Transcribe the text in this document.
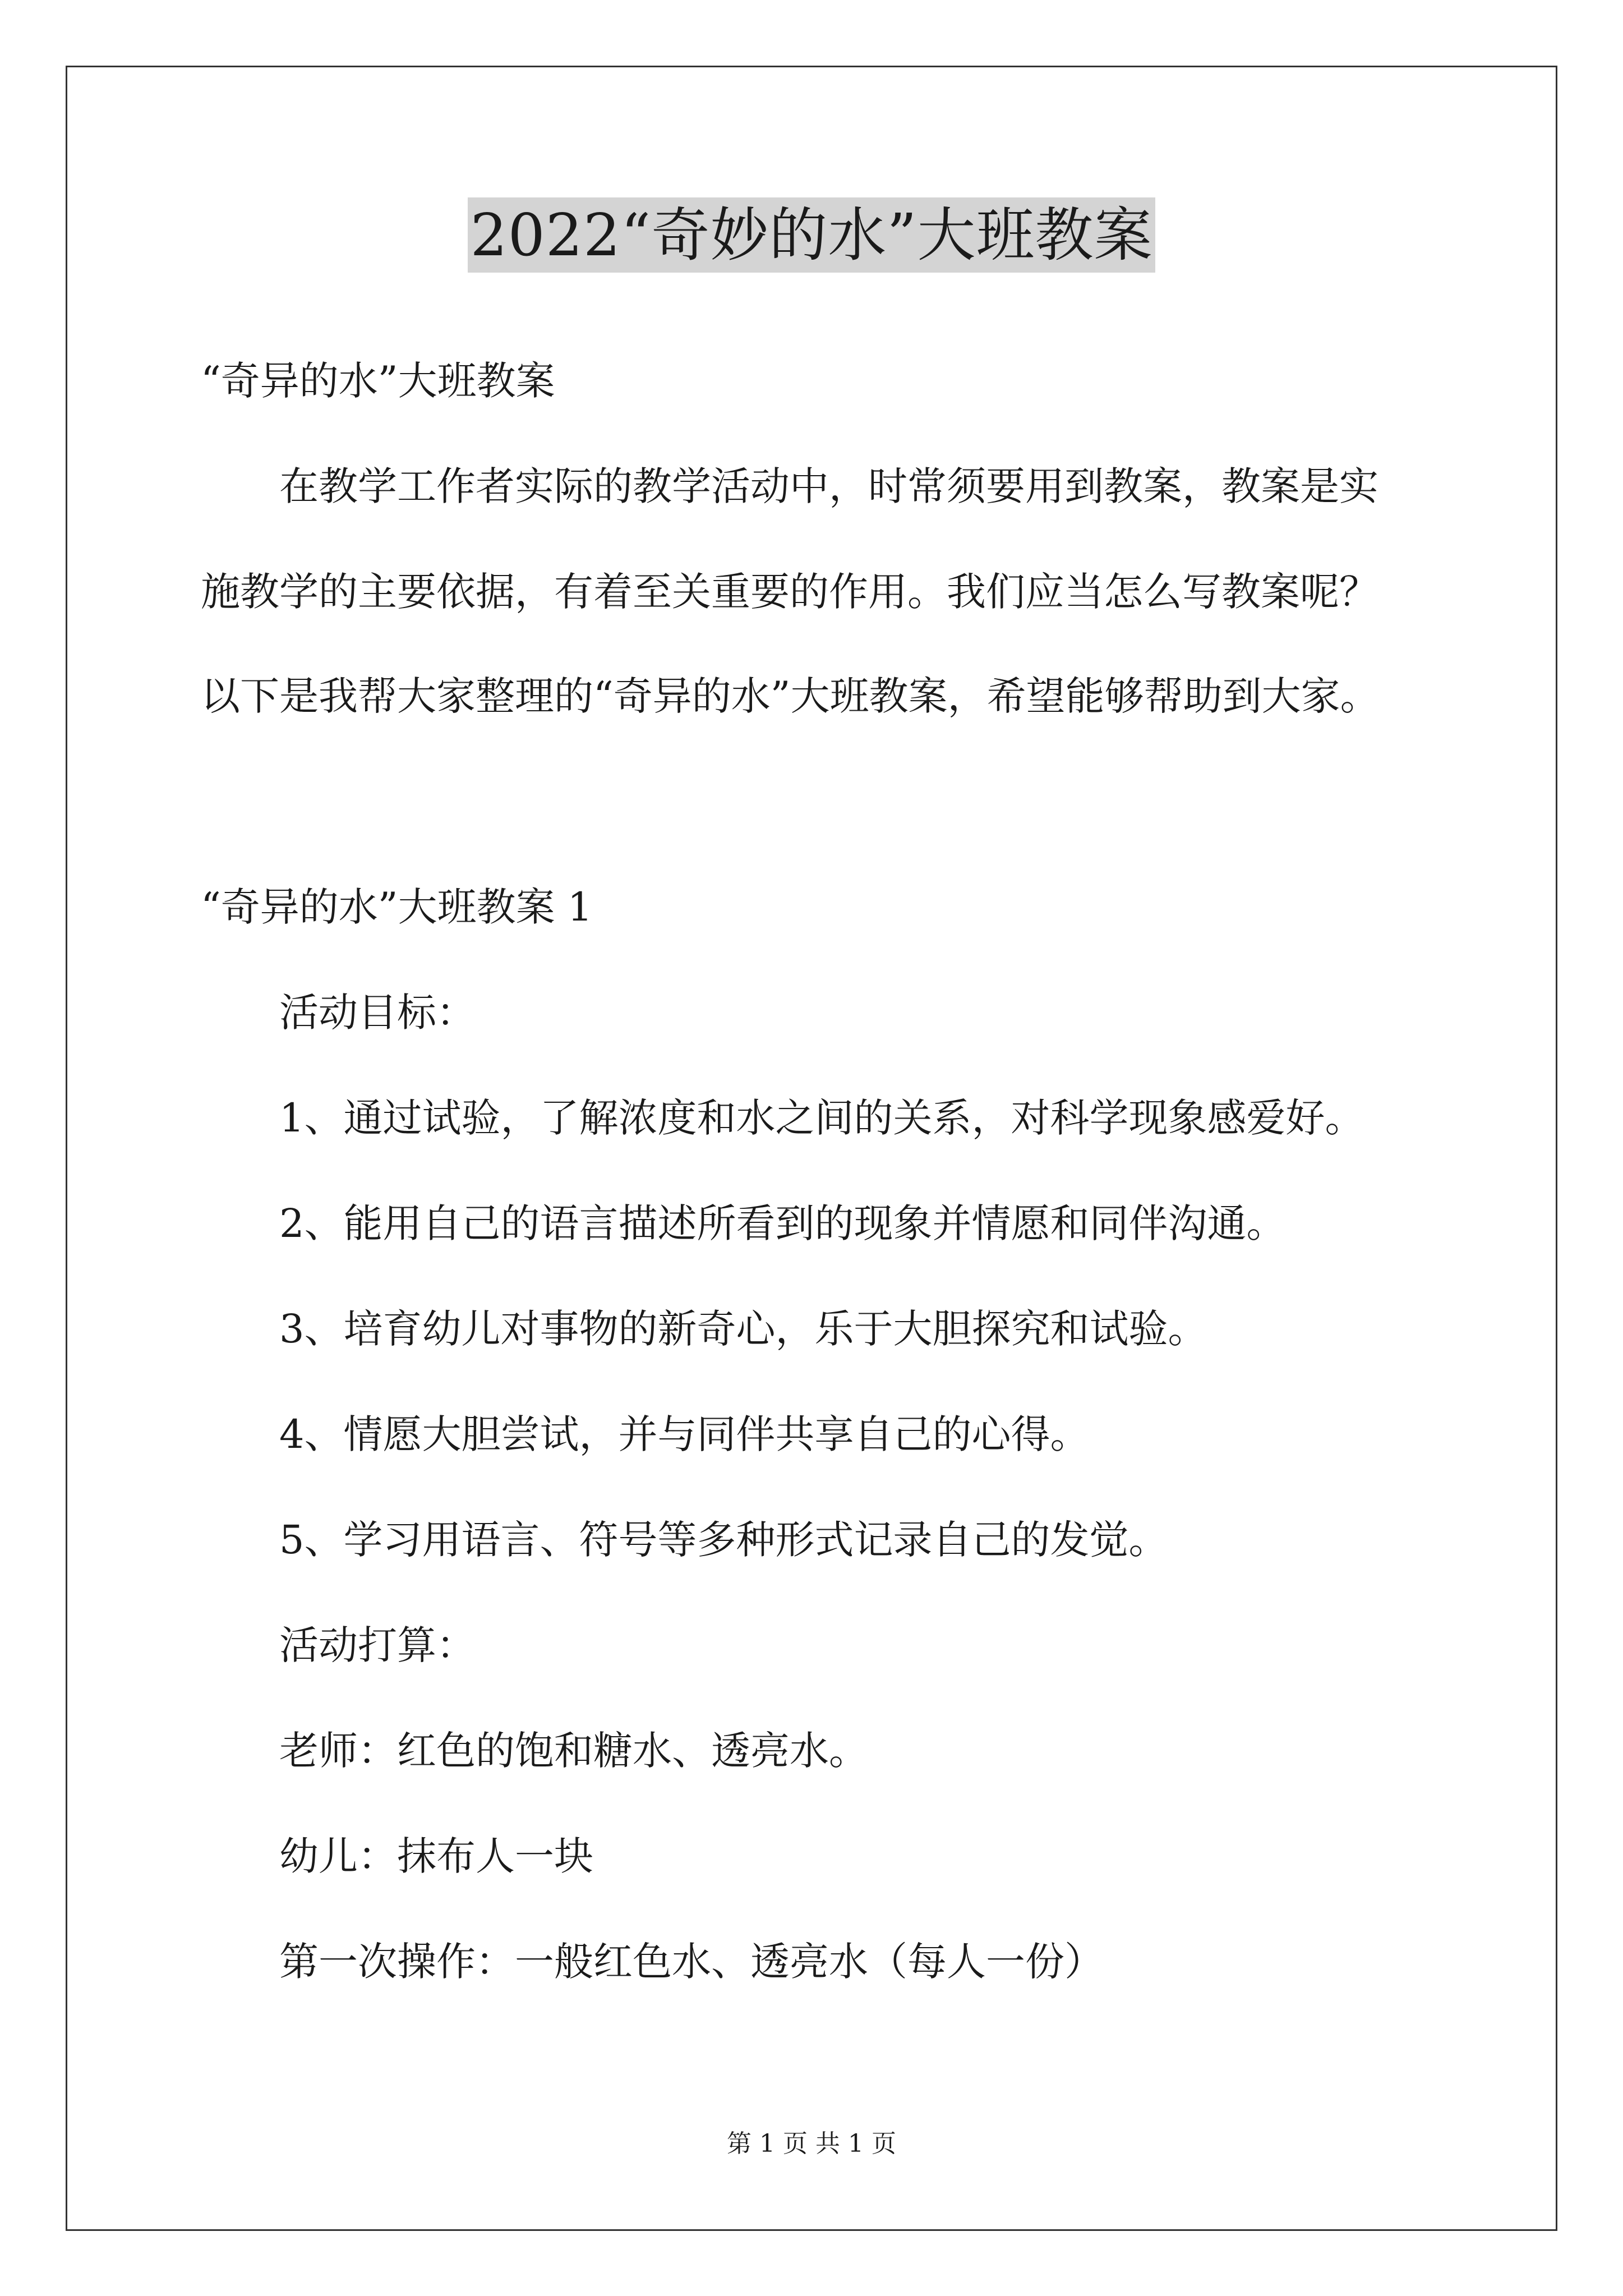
2022“奇妙的水”大班教案
“奇异的水”大班教案
在教学工作者实际的教学活动中，时常须要用到教案，教案是实
施教学的主要依据，有着至关重要的作用。我们应当怎么写教案呢？
以下是我帮大家整理的“奇异的水”大班教案，希望能够帮助到大家。
“奇异的水”大班教案 1
活动目标：
1、通过试验，了解浓度和水之间的关系，对科学现象感爱好。
2、能用自己的语言描述所看到的现象并情愿和同伴沟通。
3、培育幼儿对事物的新奇心，乐于大胆探究和试验。
4、情愿大胆尝试，并与同伴共享自己的心得。
5、学习用语言、符号等多种形式记录自己的发觉。
活动打算：
老师：红色的饱和糖水、透亮水。
幼儿：抹布人一块
第一次操作：一般红色水、透亮水（每人一份）
第 1 页 共 1 页
